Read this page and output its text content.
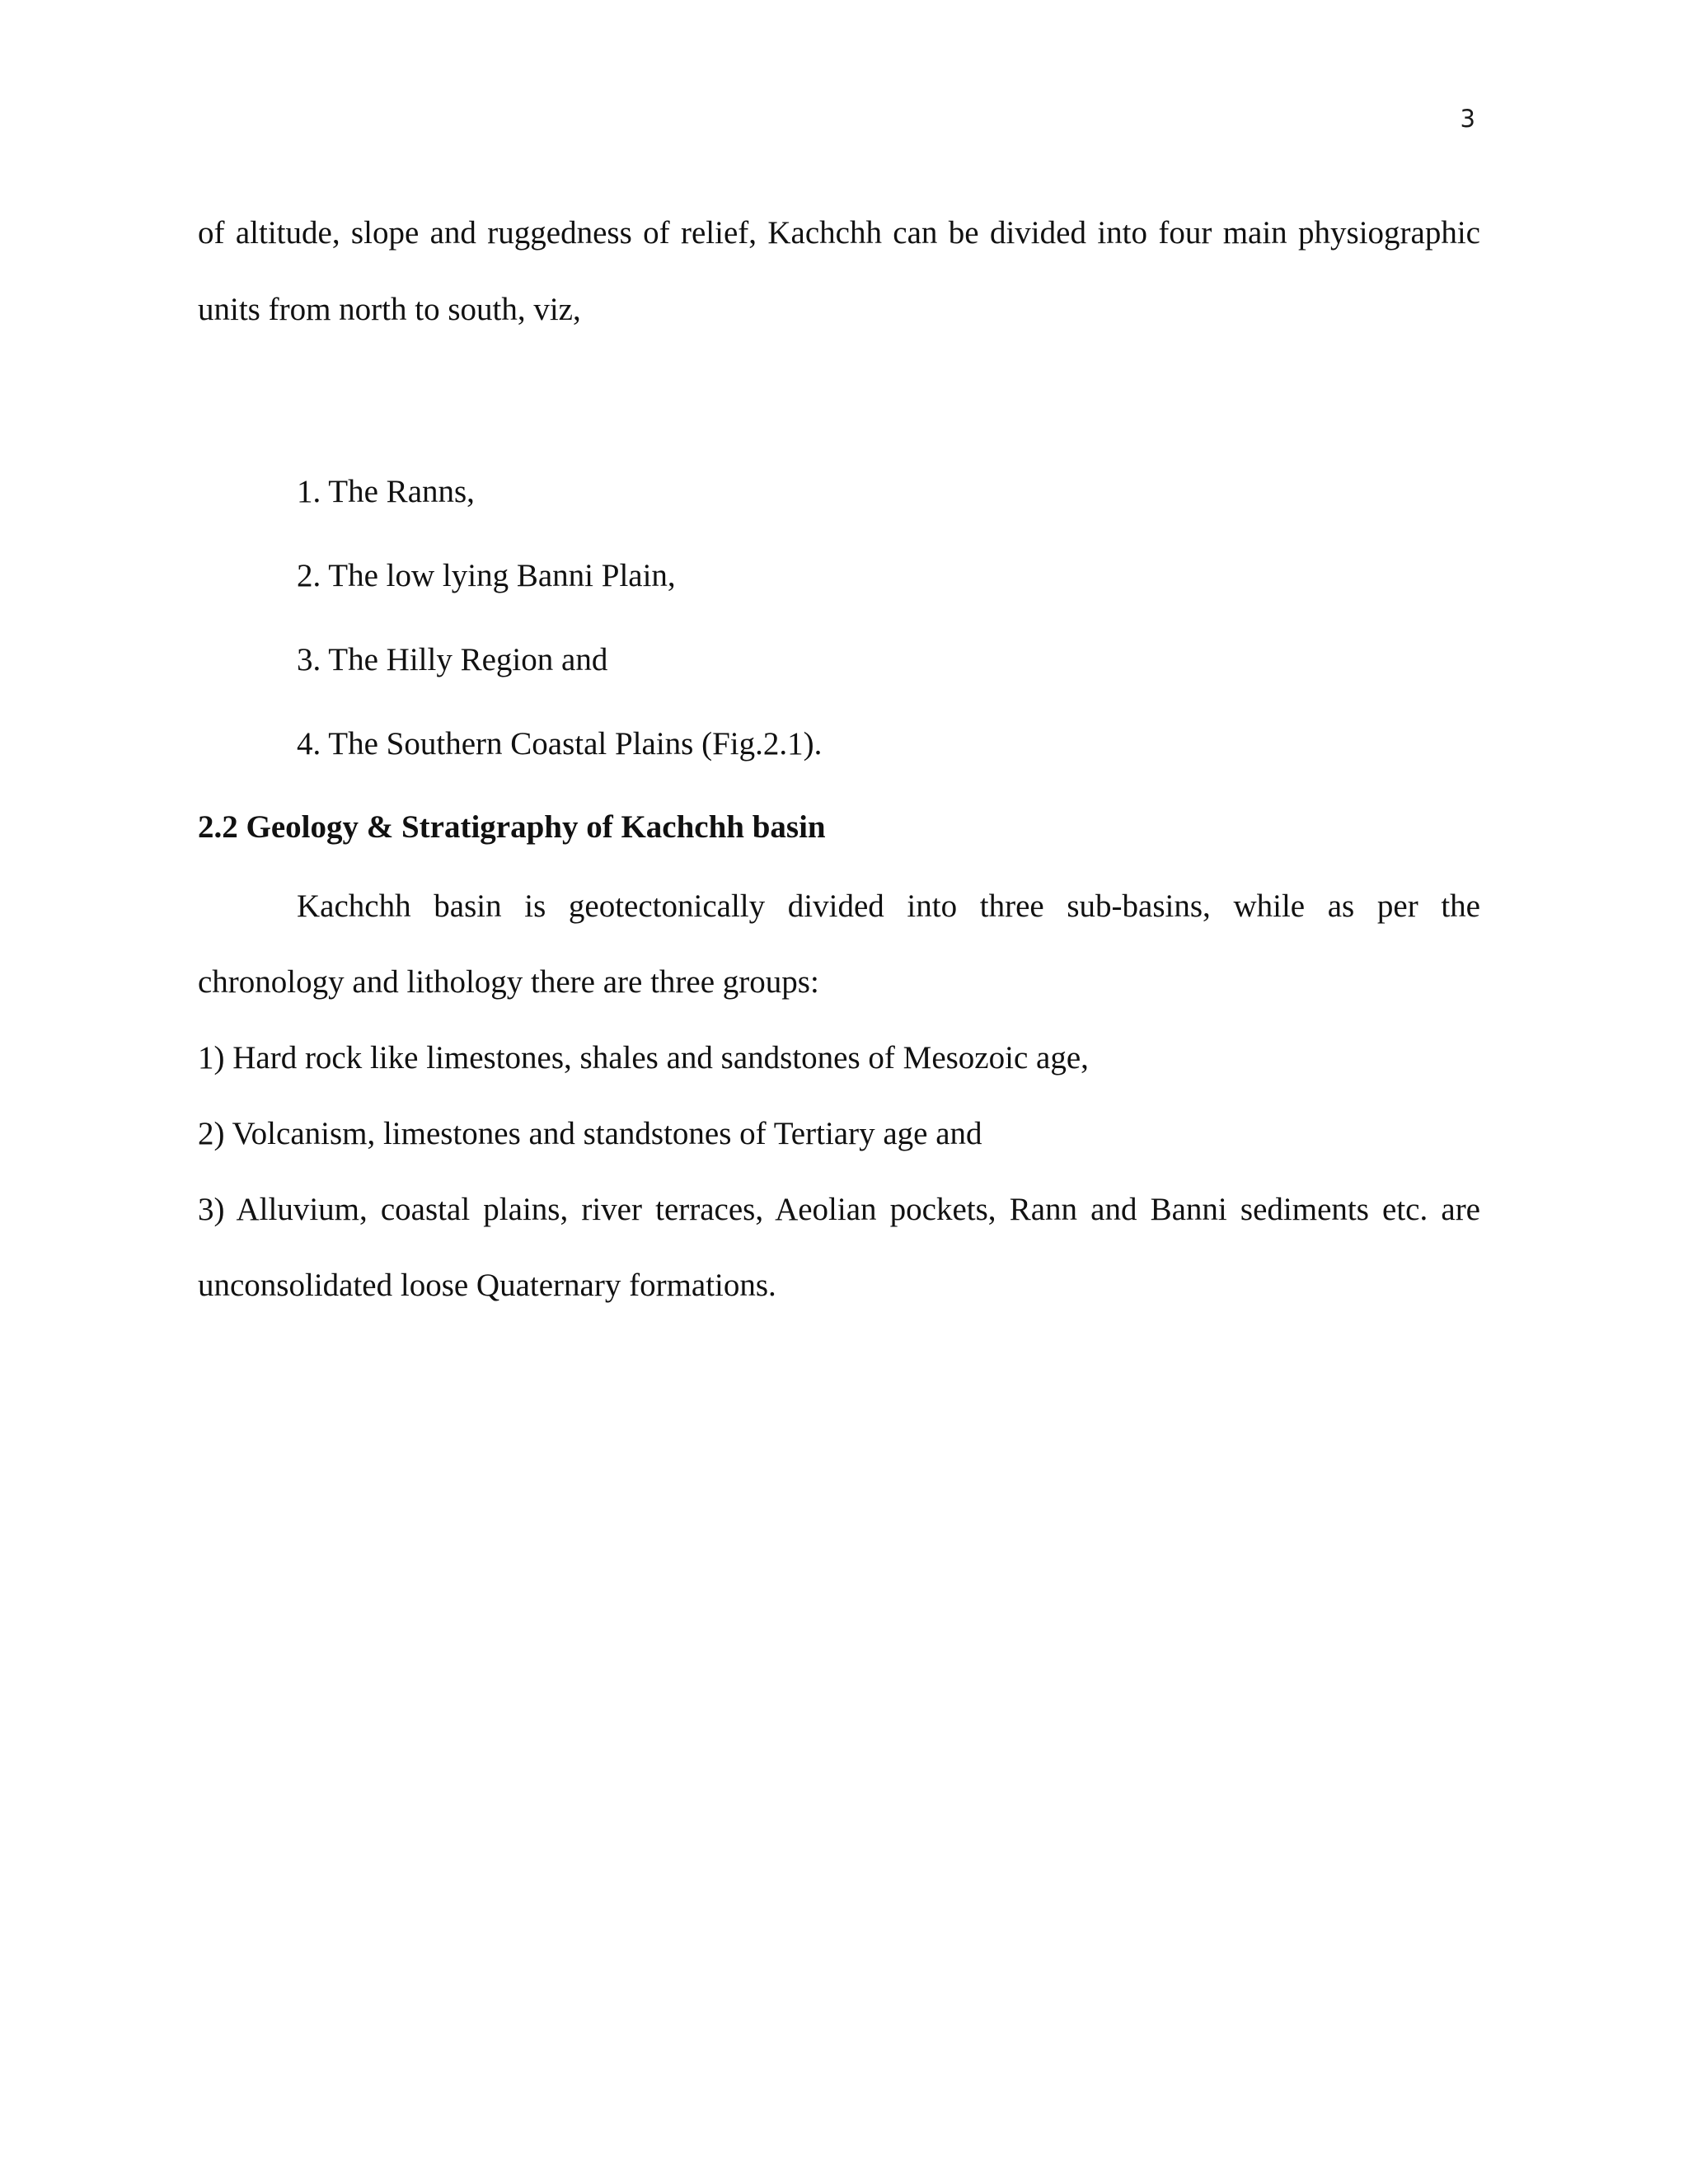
3

of altitude, slope and ruggedness of relief, Kachchh can be divided into four main physiographic

units from north to south, viz,

1. The Ranns,
2. The low lying Banni Plain,
3. The Hilly Region and
4. The Southern Coastal Plains (Fig.2.1).
2.2 Geology & Stratigraphy of Kachchh basin

Kachchh basin is geotectonically divided into three sub-basins, while as per the

chronology and lithology there are three groups:

1) Hard rock like limestones, shales and sandstones of Mesozoic age,
2) Volcanism, limestones and standstones of Tertiary age and
3) Alluvium, coastal plains, river terraces, Aeolian pockets, Rann and Banni sediments etc. are unconsolidated loose Quaternary formations.
